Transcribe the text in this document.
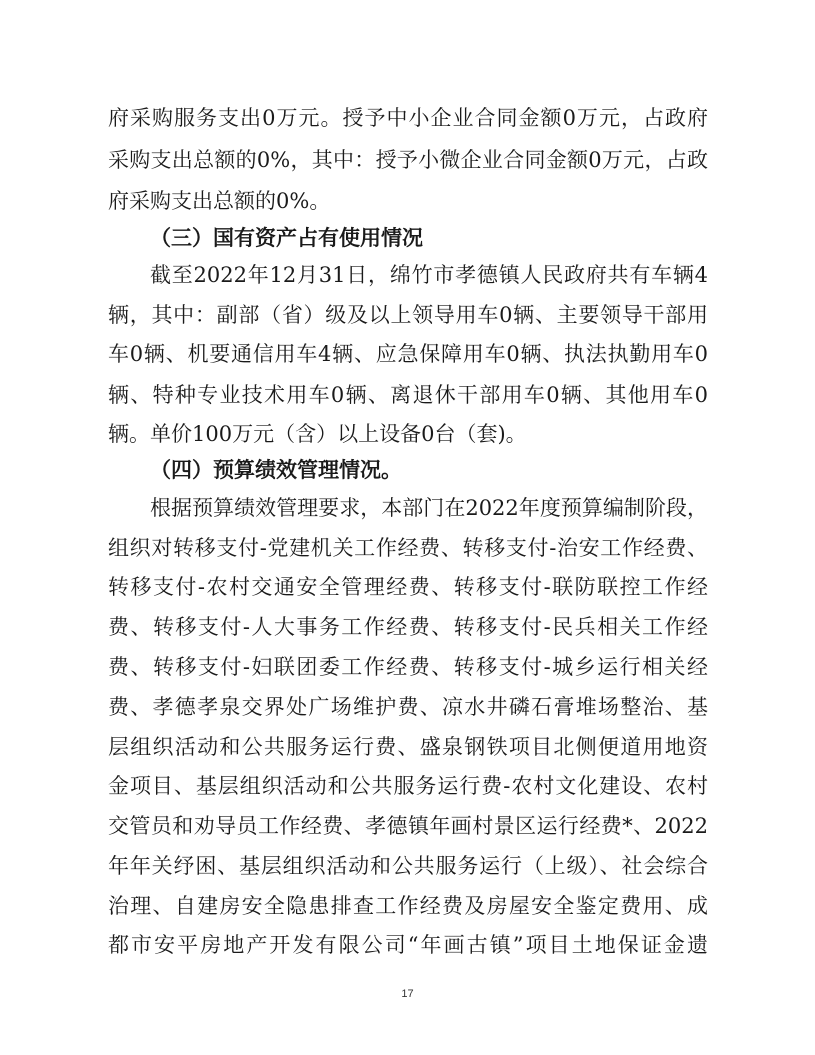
府采购服务支出0万元。授予中小企业合同金额0万元，占政府
采购支出总额的0%，其中：授予小微企业合同金额0万元，占政
府采购支出总额的0%。
（三）国有资产占有使用情况
截至2022年12月31日，绵竹市孝德镇人民政府共有车辆4
辆，其中：副部（省）级及以上领导用车0辆、主要领导干部用
车0辆、机要通信用车4辆、应急保障用车0辆、执法执勤用车0
辆、特种专业技术用车0辆、离退休干部用车0辆、其他用车0
辆。单价100万元（含）以上设备0台（套)。
（四）预算绩效管理情况。
根据预算绩效管理要求，本部门在2022年度预算编制阶段，
组织对转移支付-党建机关工作经费、转移支付-治安工作经费、
转移支付-农村交通安全管理经费、转移支付-联防联控工作经
费、转移支付-人大事务工作经费、转移支付-民兵相关工作经
费、转移支付-妇联团委工作经费、转移支付-城乡运行相关经
费、孝德孝泉交界处广场维护费、凉水井磷石膏堆场整治、基
层组织活动和公共服务运行费、盛泉钢铁项目北侧便道用地资
金项目、基层组织活动和公共服务运行费-农村文化建设、农村
交管员和劝导员工作经费、孝德镇年画村景区运行经费*、2022
年年关纾困、基层组织活动和公共服务运行（上级）、社会综合
治理、自建房安全隐患排查工作经费及房屋安全鉴定费用、成
都市安平房地产开发有限公司“年画古镇”项目土地保证金遗
17
